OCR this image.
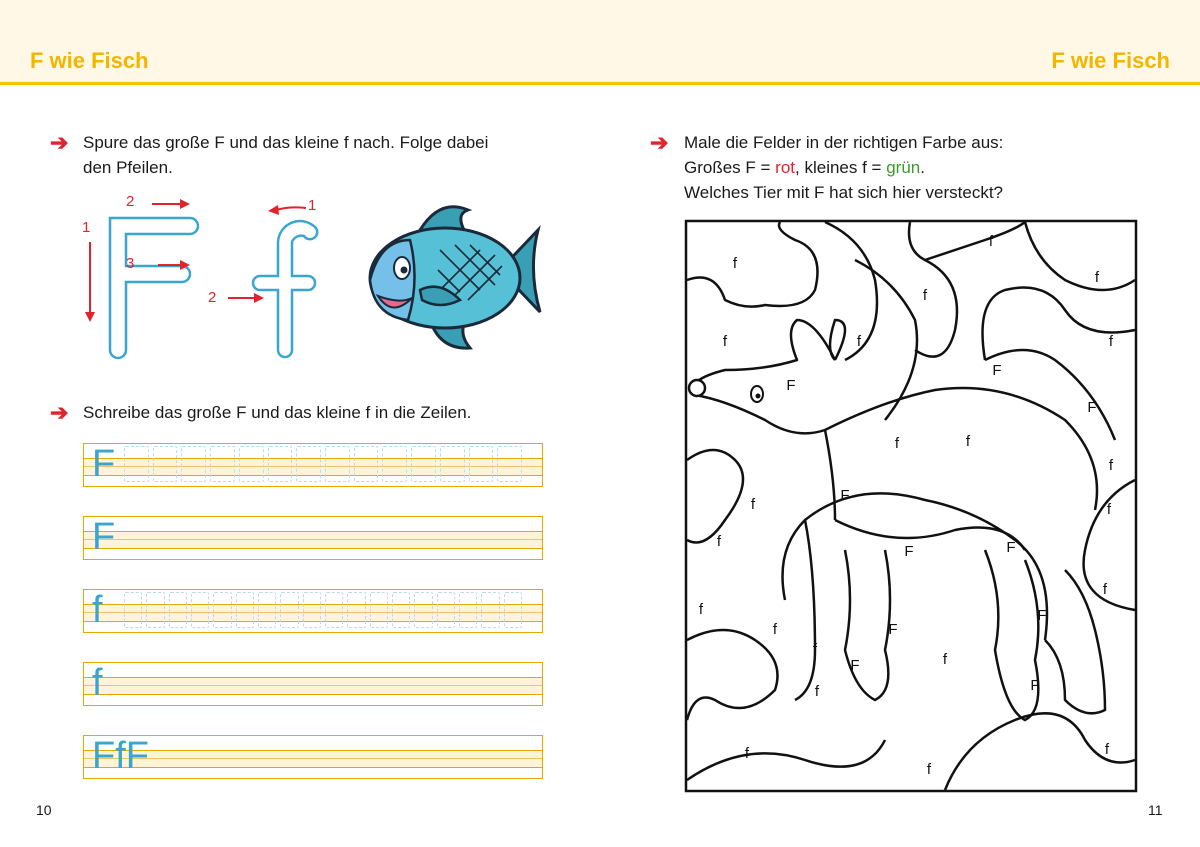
F wie Fisch	F wie Fisch
➔ Spure das große F und das kleine f nach. Folge dabei
den Pfeilen.
1
2
3
1
2
➔ Schreibe das große F und das kleine f in die Zeilen.
F
F
f
f
FfF
10
➔ Male die Felder in der richtigen Farbe aus:
Großes F = rot, kleines f = grün.
Welches Tier mit F hat sich hier versteckt?
f
f
f
f
f	f	f
f
F
F
F
f
f
f
F
f
f
F	F
f
f	F
f
f
F
f
F
f
F
f
f
f
11
